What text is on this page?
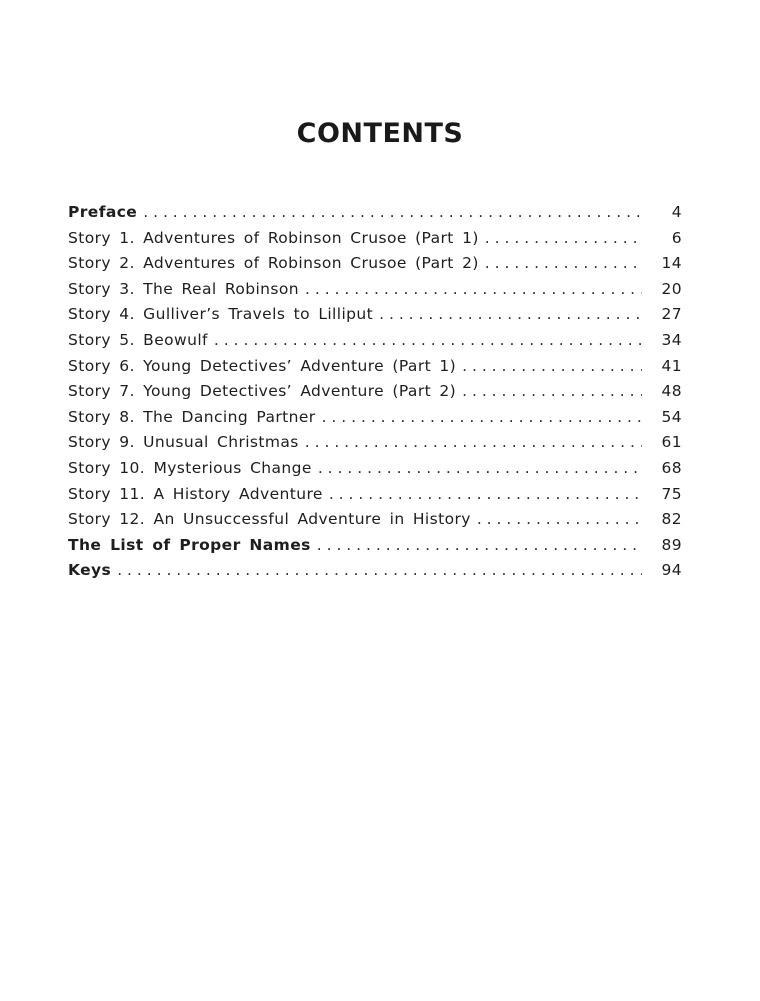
CONTENTS
Preface . . .	4
Story 1. Adventures of Robinson Crusoe (Part 1) . . .	6
Story 2. Adventures of Robinson Crusoe (Part 2) . . .	14
Story 3. The Real Robinson . . .	20
Story 4. Gulliver’s Travels to Lilliput . . .	27
Story 5. Beowulf . . .	34
Story 6. Young Detectives’ Adventure (Part 1) . . .	41
Story 7. Young Detectives’ Adventure (Part 2) . . .	48
Story 8. The Dancing Partner . . .	54
Story 9. Unusual Christmas . . .	61
Story 10. Mysterious Change . . .	68
Story 11. A History Adventure . . .	75
Story 12. An Unsuccessful Adventure in History . . .	82
The List of Proper Names . . .	89
Keys . . .	94
